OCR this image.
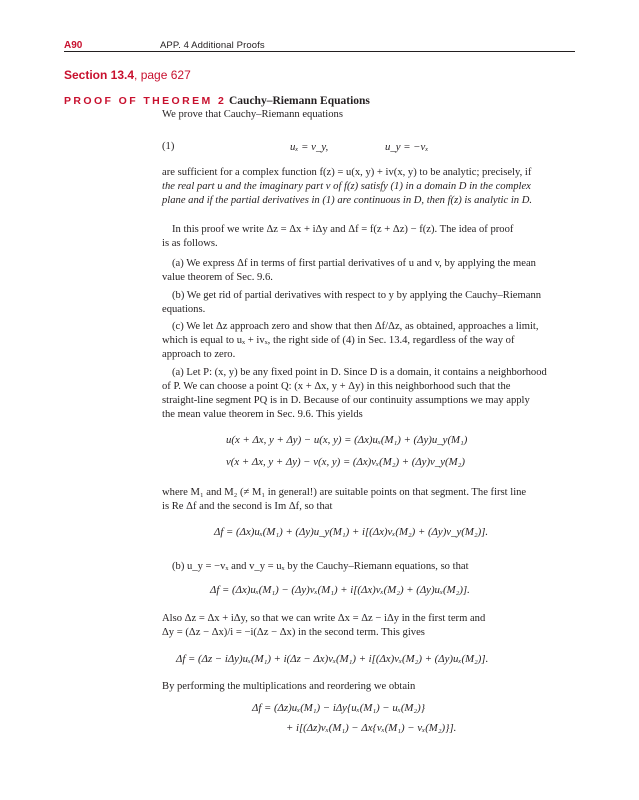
A90	APP. 4 Additional Proofs
Section 13.4, page 627
PROOF OF THEOREM 2 Cauchy–Riemann Equations
We prove that Cauchy–Riemann equations
(1)	uₓ = v_y,	u_y = −vₓ
are sufficient for a complex function f(z) = u(x, y) + iv(x, y) to be analytic; precisely, if
the real part u and the imaginary part v of f(z) satisfy (1) in a domain D in the complex
plane and if the partial derivatives in (1) are continuous in D, then f(z) is analytic in D.
In this proof we write Δz = Δx + iΔy and Δf = f(z + Δz) − f(z). The idea of proof
is as follows.
(a) We express Δf in terms of first partial derivatives of u and v, by applying the mean
value theorem of Sec. 9.6.
(b) We get rid of partial derivatives with respect to y by applying the Cauchy–Riemann
equations.
(c) We let Δz approach zero and show that then Δf/Δz, as obtained, approaches a limit,
which is equal to uₓ + ivₓ, the right side of (4) in Sec. 13.4, regardless of the way of
approach to zero.
(a) Let P: (x, y) be any fixed point in D. Since D is a domain, it contains a neighborhood
of P. We can choose a point Q: (x + Δx, y + Δy) in this neighborhood such that the
straight-line segment PQ is in D. Because of our continuity assumptions we may apply
the mean value theorem in Sec. 9.6. This yields
u(x + Δx, y + Δy) − u(x, y) = (Δx)uₓ(M₁) + (Δy)u_y(M₁)
v(x + Δx, y + Δy) − v(x, y) = (Δx)vₓ(M₂) + (Δy)v_y(M₂)
where M₁ and M₂ (≠ M₁ in general!) are suitable points on that segment. The first line
is Re Δf and the second is Im Δf, so that
Δf = (Δx)uₓ(M₁) + (Δy)u_y(M₁) + i[(Δx)vₓ(M₂) + (Δy)v_y(M₂)].
(b) u_y = −vₓ and v_y = uₓ by the Cauchy–Riemann equations, so that
Δf = (Δx)uₓ(M₁) − (Δy)vₓ(M₁) + i[(Δx)vₓ(M₂) + (Δy)uₓ(M₂)].
Also Δz = Δx + iΔy, so that we can write Δx = Δz − iΔy in the first term and
Δy = (Δz − Δx)/i = −i(Δz − Δx) in the second term. This gives
Δf = (Δz − iΔy)uₓ(M₁) + i(Δz − Δx)vₓ(M₁) + i[(Δx)vₓ(M₂) + (Δy)uₓ(M₂)].
By performing the multiplications and reordering we obtain
Δf = (Δz)uₓ(M₁) − iΔy{uₓ(M₁) − uₓ(M₂)}
+ i[(Δz)vₓ(M₁) − Δx{vₓ(M₁) − vₓ(M₂)}].
